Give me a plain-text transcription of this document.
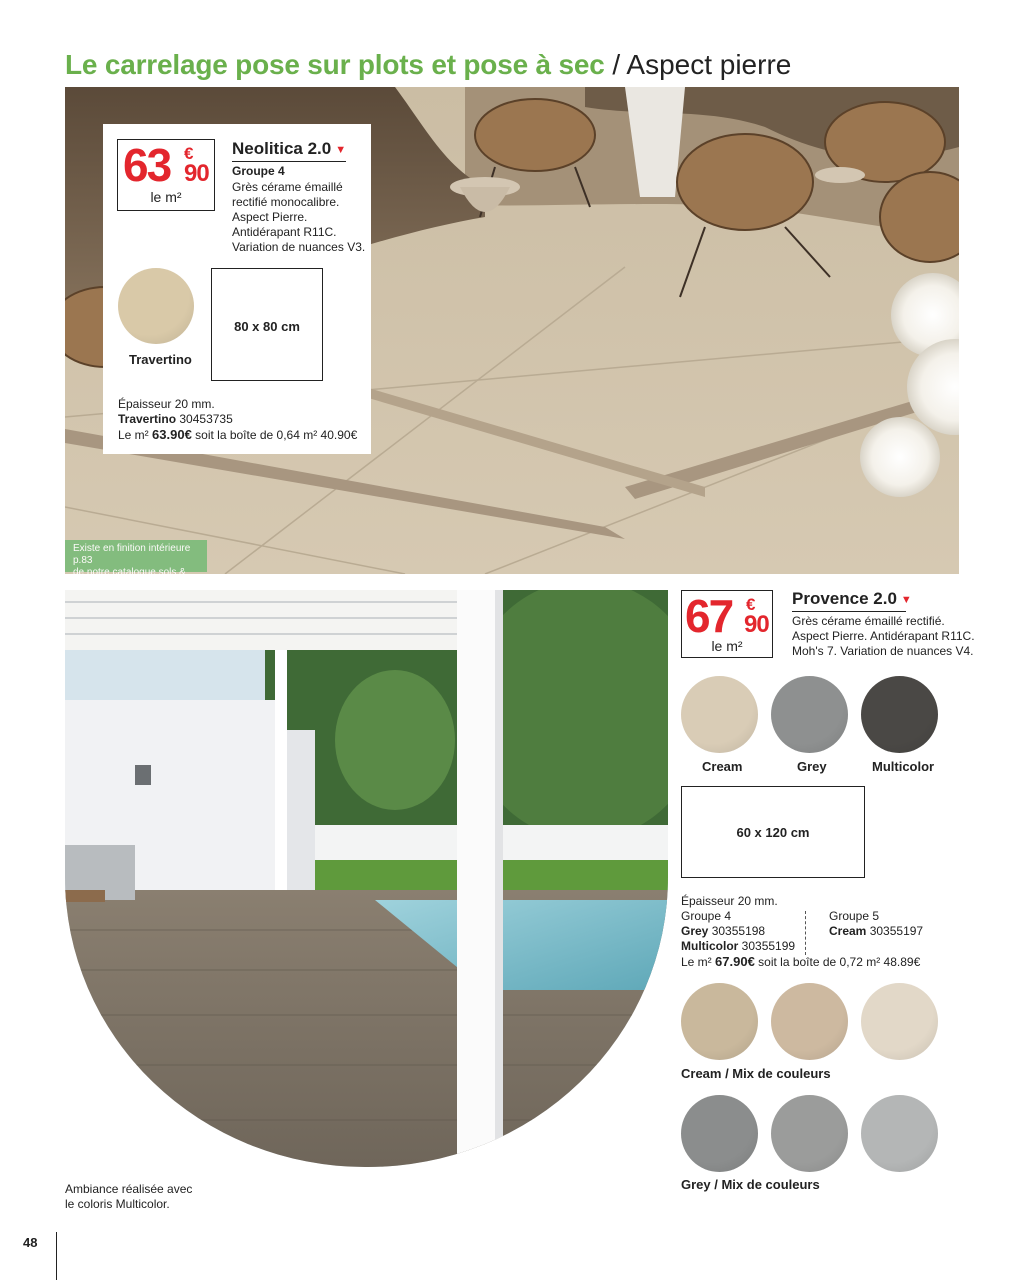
Le carrelage pose sur plots et pose à sec / Aspect pierre
63 €
90
le m²
Neolitica 2.0 ▼
Groupe 4
Grès cérame émaillé
rectifié monocalibre.
Aspect Pierre.
Antidérapant R11C.
Variation de nuances V3.
Travertino
80 x 80 cm
Épaisseur 20 mm.
Travertino 30453735
Le m² 63.90€ soit la boîte de 0,64 m² 40.90€
Existe en finition intérieure p.83
de notre catalogue sols & murs.
67 €
90
le m²
Provence 2.0 ▼
Grès cérame émaillé rectifié.
Aspect Pierre. Antidérapant R11C.
Moh's 7. Variation de nuances V4.
Cream	Grey	Multicolor
60 x 120 cm
Épaisseur 20 mm.
Groupe 4
Grey 30355198
Multicolor 30355199
Groupe 5
Cream 30355197
Le m² 67.90€ soit la boîte de 0,72 m² 48.89€
Cream / Mix de couleurs
Grey / Mix de couleurs
Ambiance réalisée avec
le coloris Multicolor.
48
